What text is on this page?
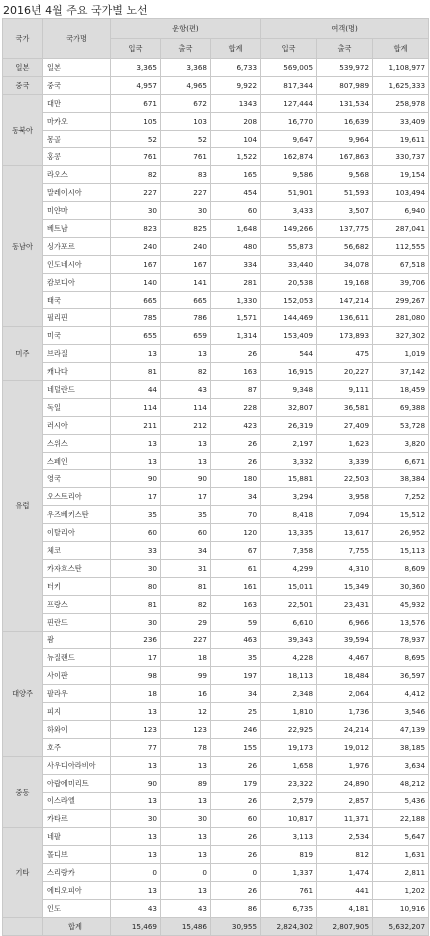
2016년 4월 주요 국가별 노선
국가	국가명	운항(편)			여객(명)		
		입국	출국	합계	입국	출국	합계
일본	일본	3,365	3,368	6,733	569,005	539,972	1,108,977
중국	중국	4,957	4,965	9,922	817,344	807,989	1,625,333
동북아	대만	671	672	1343	127,444	131,534	258,978
	마카오	105	103	208	16,770	16,639	33,409
	몽골	52	52	104	9,647	9,964	19,611
	홍콩	761	761	1,522	162,874	167,863	330,737
동남아	라오스	82	83	165	9,586	9,568	19,154
	말레이시아	227	227	454	51,901	51,593	103,494
	미얀마	30	30	60	3,433	3,507	6,940
	베트남	823	825	1,648	149,266	137,775	287,041
	싱가포르	240	240	480	55,873	56,682	112,555
	인도네시아	167	167	334	33,440	34,078	67,518
	캄보디아	140	141	281	20,538	19,168	39,706
	태국	665	665	1,330	152,053	147,214	299,267
	필리핀	785	786	1,571	144,469	136,611	281,080
미주	미국	655	659	1,314	153,409	173,893	327,302
	브라질	13	13	26	544	475	1,019
	캐나다	81	82	163	16,915	20,227	37,142
유럽	네덜란드	44	43	87	9,348	9,111	18,459
	독일	114	114	228	32,807	36,581	69,388
	러시아	211	212	423	26,319	27,409	53,728
	스위스	13	13	26	2,197	1,623	3,820
	스페인	13	13	26	3,332	3,339	6,671
	영국	90	90	180	15,881	22,503	38,384
	오스트리아	17	17	34	3,294	3,958	7,252
	우즈베키스탄	35	35	70	8,418	7,094	15,512
	이탈리아	60	60	120	13,335	13,617	26,952
	체코	33	34	67	7,358	7,755	15,113
	카자흐스탄	30	31	61	4,299	4,310	8,609
	터키	80	81	161	15,011	15,349	30,360
	프랑스	81	82	163	22,501	23,431	45,932
	핀란드	30	29	59	6,610	6,966	13,576
대양주	괌	236	227	463	39,343	39,594	78,937
	뉴질랜드	17	18	35	4,228	4,467	8,695
	사이판	98	99	197	18,113	18,484	36,597
	팔라우	18	16	34	2,348	2,064	4,412
	피지	13	12	25	1,810	1,736	3,546
	하와이	123	123	246	22,925	24,214	47,139
	호주	77	78	155	19,173	19,012	38,185
중동	사우디아라비아	13	13	26	1,658	1,976	3,634
	아랍에미리트	90	89	179	23,322	24,890	48,212
	이스라엘	13	13	26	2,579	2,857	5,436
	카타르	30	30	60	10,817	11,371	22,188
기타	네팔	13	13	26	3,113	2,534	5,647
	몰디브	13	13	26	819	812	1,631
	스리랑카	0	0	0	1,337	1,474	2,811
	에티오피아	13	13	26	761	441	1,202
	인도	43	43	86	6,735	4,181	10,916
	합계	15,469	15,486	30,955	2,824,302	2,807,905	5,632,207
